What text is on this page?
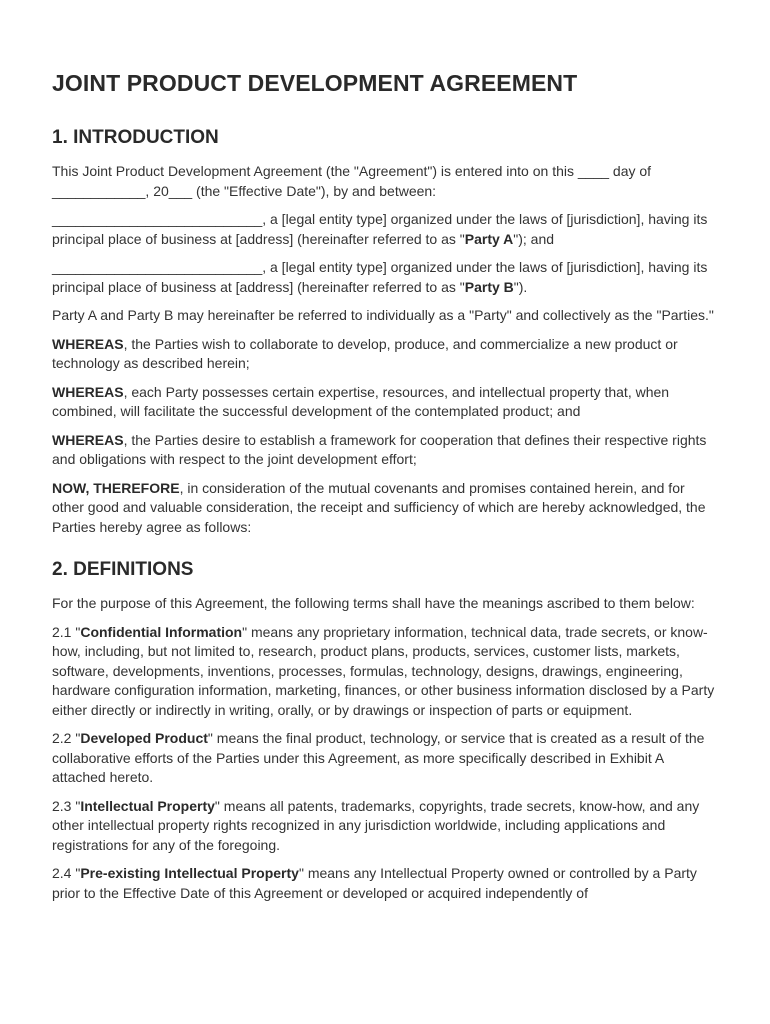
JOINT PRODUCT DEVELOPMENT AGREEMENT
1. INTRODUCTION

This Joint Product Development Agreement (the "Agreement") is entered into on this ____ day of ____________, 20___ (the "Effective Date"), by and between:

___________________________, a [legal entity type] organized under the laws of [jurisdiction], having its principal place of business at [address] (hereinafter referred to as "Party A"); and

___________________________, a [legal entity type] organized under the laws of [jurisdiction], having its principal place of business at [address] (hereinafter referred to as "Party B").

Party A and Party B may hereinafter be referred to individually as a "Party" and collectively as the "Parties."

WHEREAS, the Parties wish to collaborate to develop, produce, and commercialize a new product or technology as described herein;

WHEREAS, each Party possesses certain expertise, resources, and intellectual property that, when combined, will facilitate the successful development of the contemplated product; and

WHEREAS, the Parties desire to establish a framework for cooperation that defines their respective rights and obligations with respect to the joint development effort;

NOW, THEREFORE, in consideration of the mutual covenants and promises contained herein, and for other good and valuable consideration, the receipt and sufficiency of which are hereby acknowledged, the Parties hereby agree as follows:

2. DEFINITIONS

For the purpose of this Agreement, the following terms shall have the meanings ascribed to them below:

2.1 "Confidential Information" means any proprietary information, technical data, trade secrets, or know-how, including, but not limited to, research, product plans, products, services, customer lists, markets, software, developments, inventions, processes, formulas, technology, designs, drawings, engineering, hardware configuration information, marketing, finances, or other business information disclosed by a Party either directly or indirectly in writing, orally, or by drawings or inspection of parts or equipment.

2.2 "Developed Product" means the final product, technology, or service that is created as a result of the collaborative efforts of the Parties under this Agreement, as more specifically described in Exhibit A attached hereto.

2.3 "Intellectual Property" means all patents, trademarks, copyrights, trade secrets, know-how, and any other intellectual property rights recognized in any jurisdiction worldwide, including applications and registrations for any of the foregoing.

2.4 "Pre-existing Intellectual Property" means any Intellectual Property owned or controlled by a Party prior to the Effective Date of this Agreement or developed or acquired independently of
